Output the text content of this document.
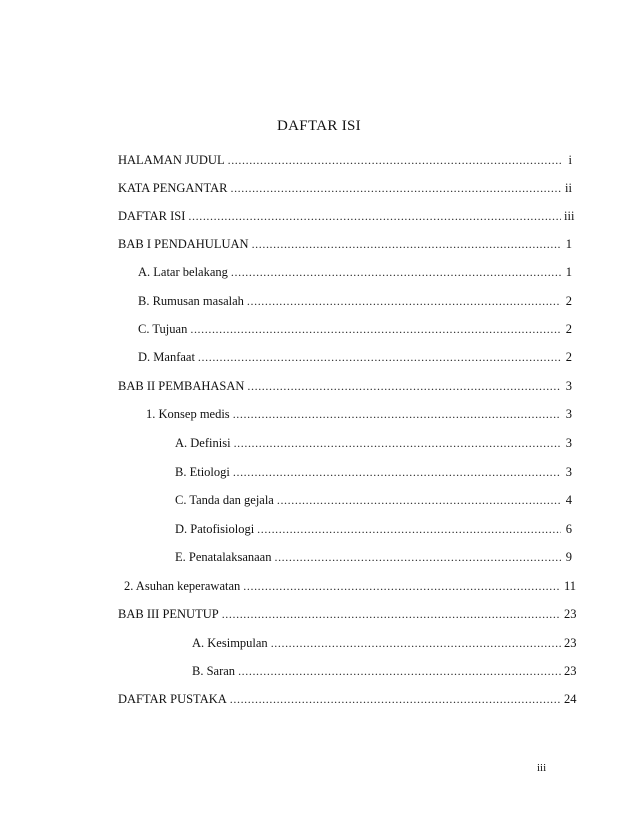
DAFTAR ISI
HALAMAN JUDUL .....	i
KATA PENGANTAR .....	ii
DAFTAR ISI .....	iii
BAB I PENDAHULUAN .....	1
A. Latar belakang .....	1
B. Rumusan masalah .....	2
C. Tujuan .....	2
D. Manfaat .....	2
BAB II PEMBAHASAN .....	3
1. Konsep medis .....	3
A. Definisi .....	3
B. Etiologi .....	3
C. Tanda dan gejala .....	4
D. Patofisiologi .....	6
E. Penatalaksanaan .....	9
2. Asuhan keperawatan .....	11
BAB III PENUTUP .....	23
A. Kesimpulan .....	23
B. Saran .....	23
DAFTAR PUSTAKA .....	24
iii
